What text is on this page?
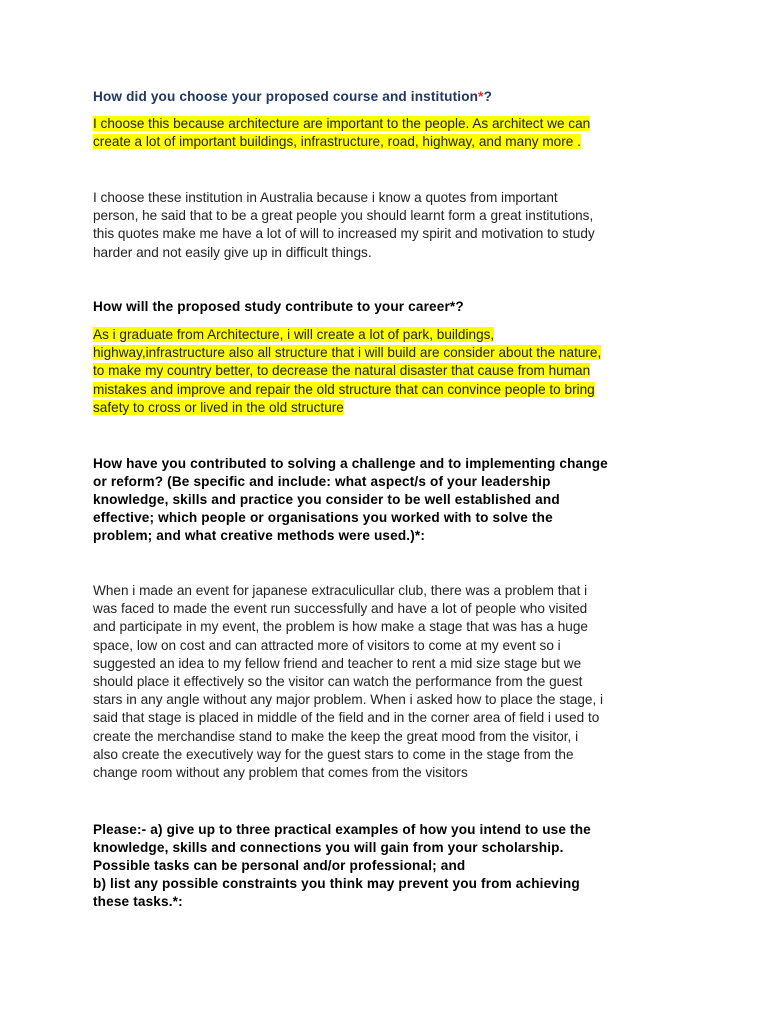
How did you choose your proposed course and institution*?
I choose this because architecture are important to the people. As architect we can
create a lot of important buildings, infrastructure, road, highway, and many more .
I choose these institution in Australia because i know a quotes from important
person, he said that to be a great people you should learnt form a great institutions,
this quotes make me have a lot of will to increased my spirit and motivation to study
harder and not easily give up in difficult things.
How will the proposed study contribute to your career*?
As i graduate from Architecture, i will create a lot of park, buildings,
highway,infrastructure also all structure that i will build are consider about the nature,
to make my country better, to decrease the natural disaster that cause from human
mistakes and improve and repair the old structure that can convince people to bring
safety to cross or lived in the old structure
How have you contributed to solving a challenge and to implementing change
or reform? (Be specific and include: what aspect/s of your leadership
knowledge, skills and practice you consider to be well established and
effective; which people or organisations you worked with to solve the
problem; and what creative methods were used.)*:
When i made an event for japanese extraculicullar club, there was a problem that i
was faced to made the event run successfully and have a lot of people who visited
and participate in my event, the problem is how make a stage that was has a huge
space, low on cost and can attracted more of visitors to come at my event so i
suggested an idea to my fellow friend and teacher to rent a mid size stage but we
should place it effectively so the visitor can watch the performance from the guest
stars in any angle without any major problem. When i asked how to place the stage, i
said that stage is placed in middle of the field and in the corner area of field i used to
create the merchandise stand to make the keep the great mood from the visitor, i
also create the executively way for the guest stars to come in the stage from the
change room without any problem that comes from the visitors
Please:- a) give up to three practical examples of how you intend to use the
knowledge, skills and connections you will gain from your scholarship.
Possible tasks can be personal and/or professional; and
b) list any possible constraints you think may prevent you from achieving
these tasks.*:
